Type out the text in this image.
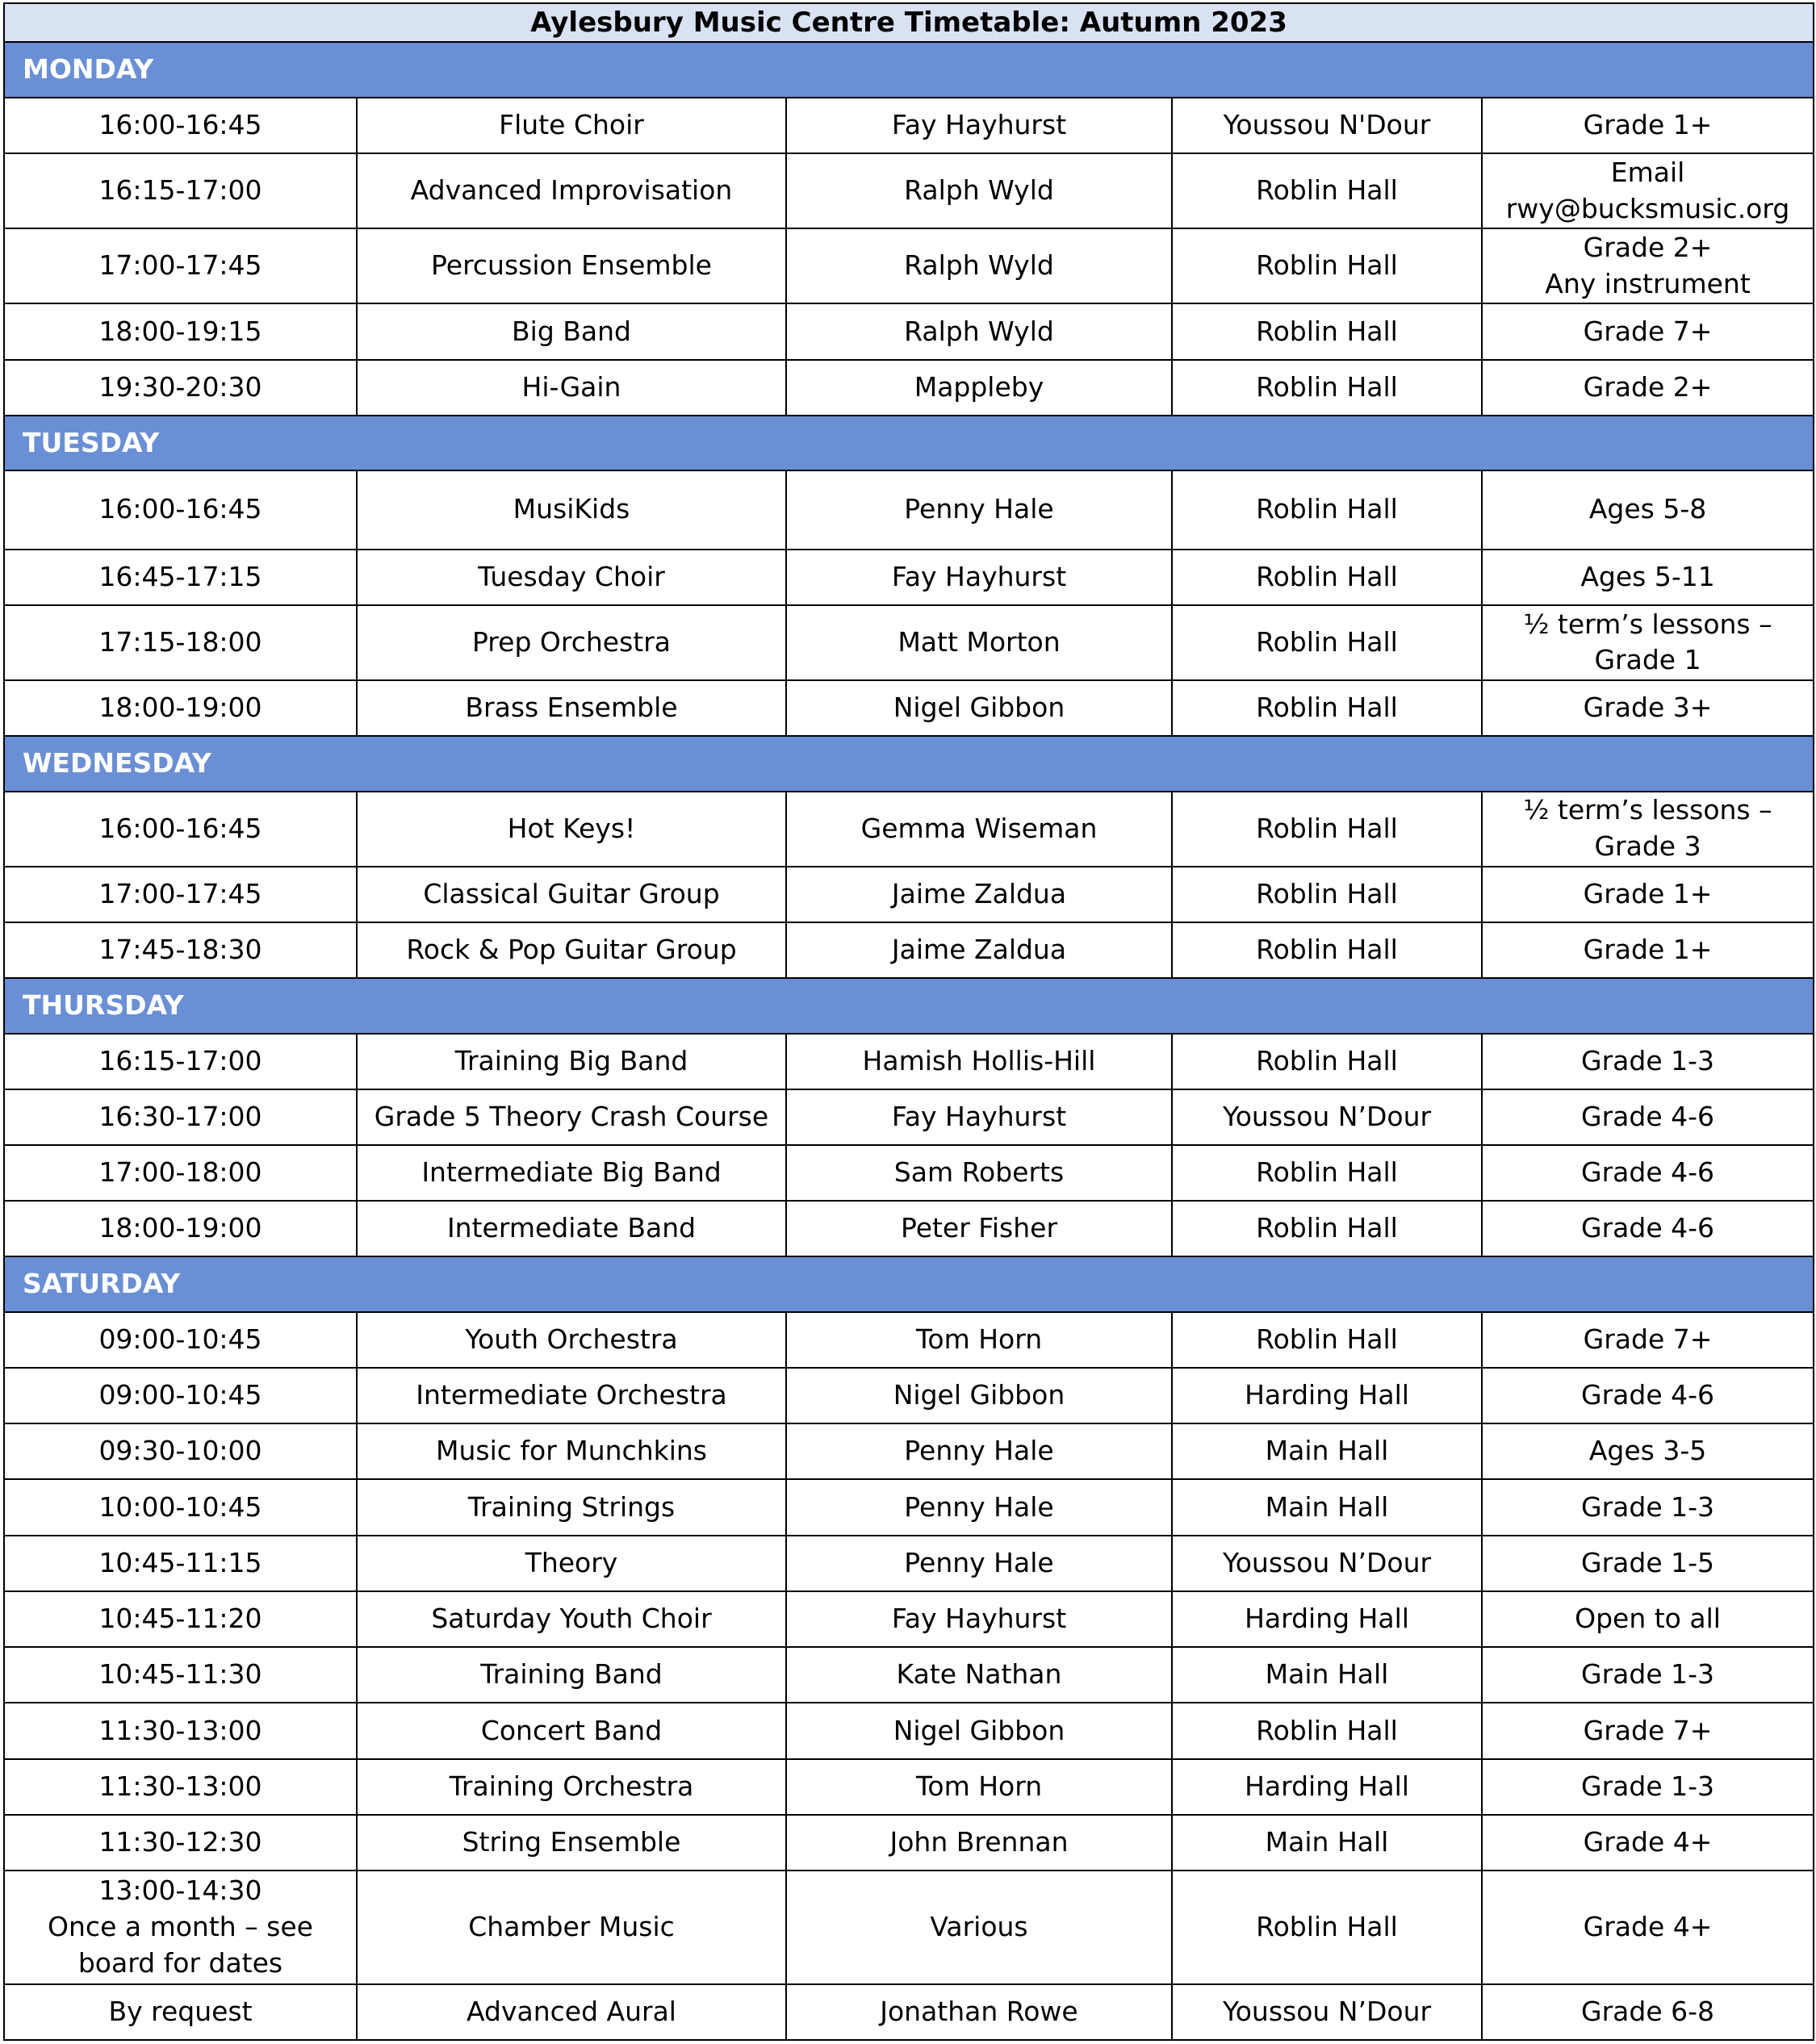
Aylesbury Music Centre Timetable: Autumn 2023				
MONDAY				
16:00-16:45	Flute Choir	Fay Hayhurst	Youssou N'Dour	Grade 1+
16:15-17:00	Advanced Improvisation	Ralph Wyld	Roblin Hall	Email
rwy@bucksmusic.org
17:00-17:45	Percussion Ensemble	Ralph Wyld	Roblin Hall	Grade 2+
Any instrument
18:00-19:15	Big Band	Ralph Wyld	Roblin Hall	Grade 7+
19:30-20:30	Hi-Gain	Mappleby	Roblin Hall	Grade 2+
TUESDAY				
16:00-16:45	MusiKids	Penny Hale	Roblin Hall	Ages 5-8
16:45-17:15	Tuesday Choir	Fay Hayhurst	Roblin Hall	Ages 5-11
17:15-18:00	Prep Orchestra	Matt Morton	Roblin Hall	½ term’s lessons –
Grade 1
18:00-19:00	Brass Ensemble	Nigel Gibbon	Roblin Hall	Grade 3+
WEDNESDAY				
16:00-16:45	Hot Keys!	Gemma Wiseman	Roblin Hall	½ term’s lessons –
Grade 3
17:00-17:45	Classical Guitar Group	Jaime Zaldua	Roblin Hall	Grade 1+
17:45-18:30	Rock & Pop Guitar Group	Jaime Zaldua	Roblin Hall	Grade 1+
THURSDAY				
16:15-17:00	Training Big Band	Hamish Hollis-Hill	Roblin Hall	Grade 1-3
16:30-17:00	Grade 5 Theory Crash Course	Fay Hayhurst	Youssou N’Dour	Grade 4-6
17:00-18:00	Intermediate Big Band	Sam Roberts	Roblin Hall	Grade 4-6
18:00-19:00	Intermediate Band	Peter Fisher	Roblin Hall	Grade 4-6
SATURDAY				
09:00-10:45	Youth Orchestra	Tom Horn	Roblin Hall	Grade 7+
09:00-10:45	Intermediate Orchestra	Nigel Gibbon	Harding Hall	Grade 4-6
09:30-10:00	Music for Munchkins	Penny Hale	Main Hall	Ages 3-5
10:00-10:45	Training Strings	Penny Hale	Main Hall	Grade 1-3
10:45-11:15	Theory	Penny Hale	Youssou N’Dour	Grade 1-5
10:45-11:20	Saturday Youth Choir	Fay Hayhurst	Harding Hall	Open to all
10:45-11:30	Training Band	Kate Nathan	Main Hall	Grade 1-3
11:30-13:00	Concert Band	Nigel Gibbon	Roblin Hall	Grade 7+
11:30-13:00	Training Orchestra	Tom Horn	Harding Hall	Grade 1-3
11:30-12:30	String Ensemble	John Brennan	Main Hall	Grade 4+
13:00-14:30
Once a month – see
board for dates	Chamber Music	Various	Roblin Hall	Grade 4+
By request	Advanced Aural	Jonathan Rowe	Youssou N’Dour	Grade 6-8
